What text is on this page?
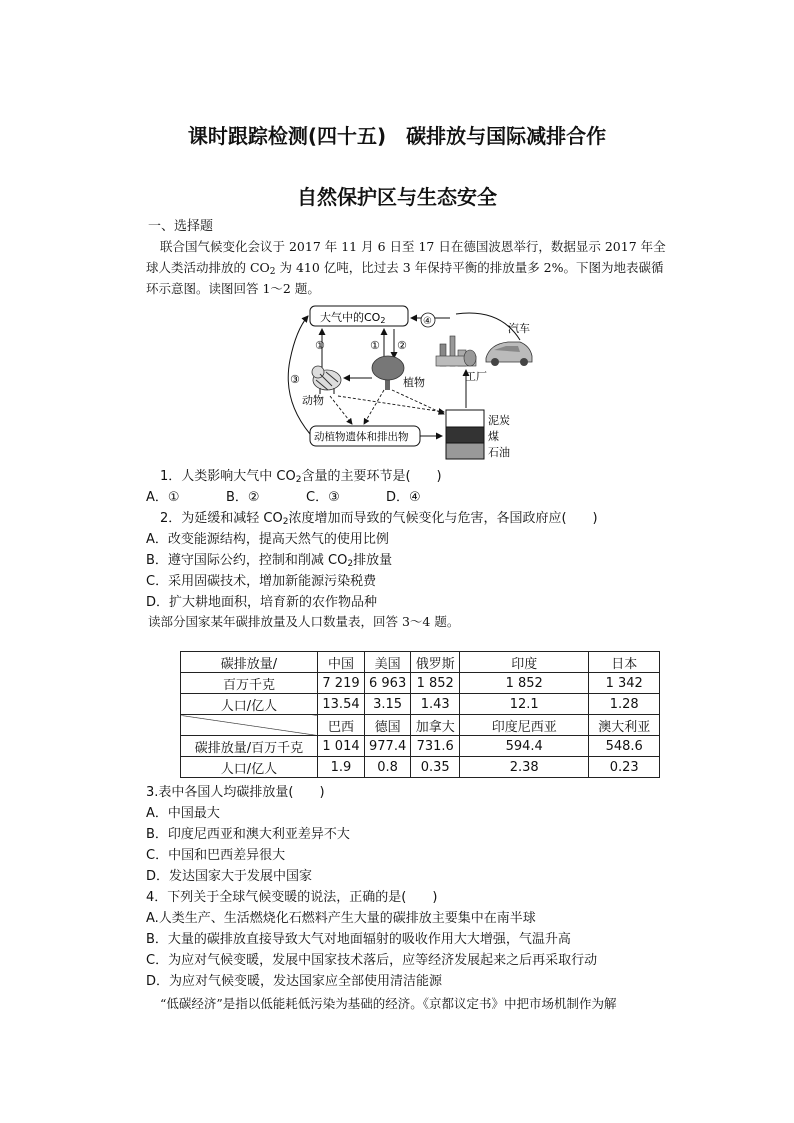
课时跟踪检测(四十五)　碳排放与国际减排合作
自然保护区与生态安全
一、选择题
联合国气候变化会议于 2017 年 11 月 6 日至 17 日在德国波恩举行，数据显示 2017 年全
球人类活动排放的 $CO_2$ 为 410 亿吨，比过去 3 年保持平衡的排放量多 2%。下图为地表碳循
环示意图。读图回答 1～2 题。
大气中的CO2	④
汽车
工厂
①	① ②
③
动物
植物
动植物遗体和排出物
泥炭
煤
石油
1．人类影响大气中 $CO_2$含量的主要环节是(　　)
A．①	B．②	C．③	D．④
2．为延缓和减轻 $CO_2$浓度增加而导致的气候变化与危害，各国政府应(　　)
A．改变能源结构，提高天然气的使用比例
B．遵守国际公约，控制和削减 $CO_2$排放量
C．采用固碳技术，增加新能源污染税费
D．扩大耕地面积，培育新的农作物品种
读部分国家某年碳排放量及人口数量表，回答 3～4 题。
碳排放量/	中国	美国	俄罗斯	印度	日本
百万千克	7 219	6 963	1 852	1 852	1 342
人口/亿人	13.54	3.15	1.43	12.1	1.28
	巴西	德国	加拿大	印度尼西亚	澳大利亚
碳排放量/百万千克	1 014	977.4	731.6	594.4	548.6
人口/亿人	1.9	0.8	0.35	2.38	0.23
3.表中各国人均碳排放量(　　)
A．中国最大
B．印度尼西亚和澳大利亚差异不大
C．中国和巴西差异很大
D．发达国家大于发展中国家
4．下列关于全球气候变暖的说法，正确的是(　　)
A.人类生产、生活燃烧化石燃料产生大量的碳排放主要集中在南半球
B．大量的碳排放直接导致大气对地面辐射的吸收作用大大增强，气温升高
C．为应对气候变暖，发展中国家技术落后，应等经济发展起来之后再采取行动
D．为应对气候变暖，发达国家应全部使用清洁能源
“低碳经济”是指以低能耗低污染为基础的经济。《京都议定书》中把市场机制作为解
